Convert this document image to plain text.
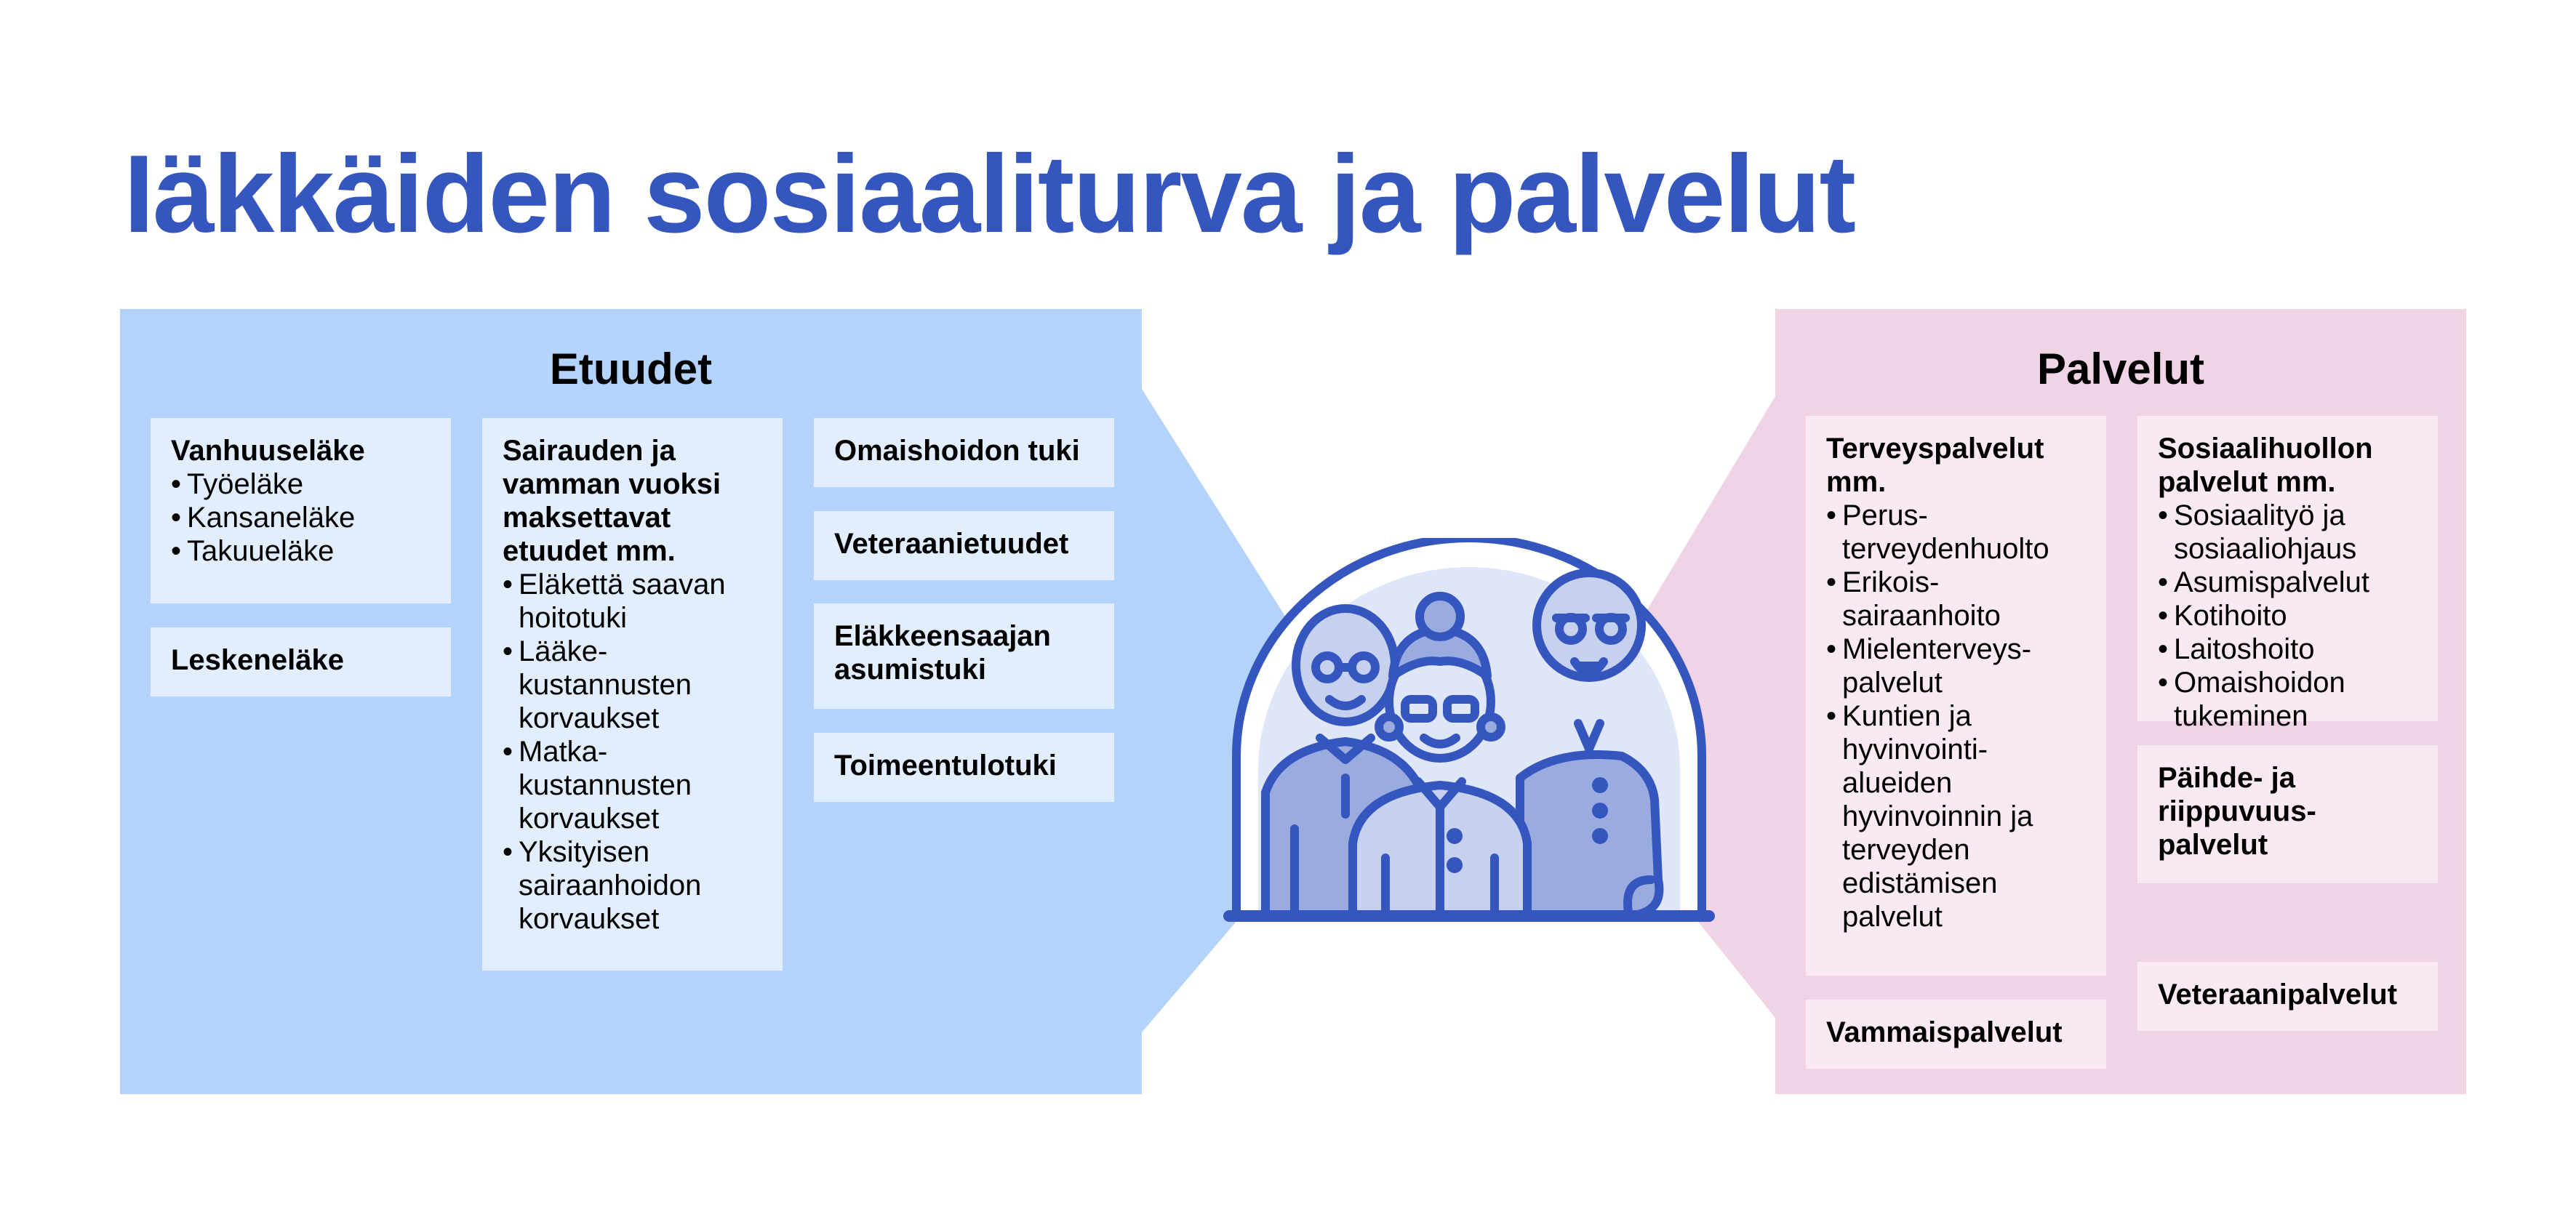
Iäkkäiden sosiaaliturva ja palvelut
Etuudet
Vanhuuseläke
• Työeläke
• Kansaneläke
• Takuueläke
Leskeneläke
Sairauden ja vamman vuoksi maksettavat etuudet mm.
• Eläkettä saavan hoitotuki
• Lääke-kustannusten korvaukset
• Matka-kustannusten korvaukset
• Yksityisen sairaanhoidon korvaukset
Omaishoidon tuki
Veteraanietuudet
Eläkkeensaajan asumistuki
Toimeentulotuki
Palvelut
Terveyspalvelut mm.
• Perus-terveydenhuolto
• Erikois-sairaanhoito
• Mielenterveys-palvelut
• Kuntien ja hyvinvointi-alueiden hyvinvoinnin ja terveyden edistämisen palvelut
Vammaispalvelut
Sosiaalihuollon palvelut mm.
• Sosiaalityö ja sosiaaliohjaus
• Asumispalvelut
• Kotihoito
• Laitoshoito
• Omaishoidon tukeminen
Päihde- ja riippuvuus-palvelut
Veteraanipalvelut
